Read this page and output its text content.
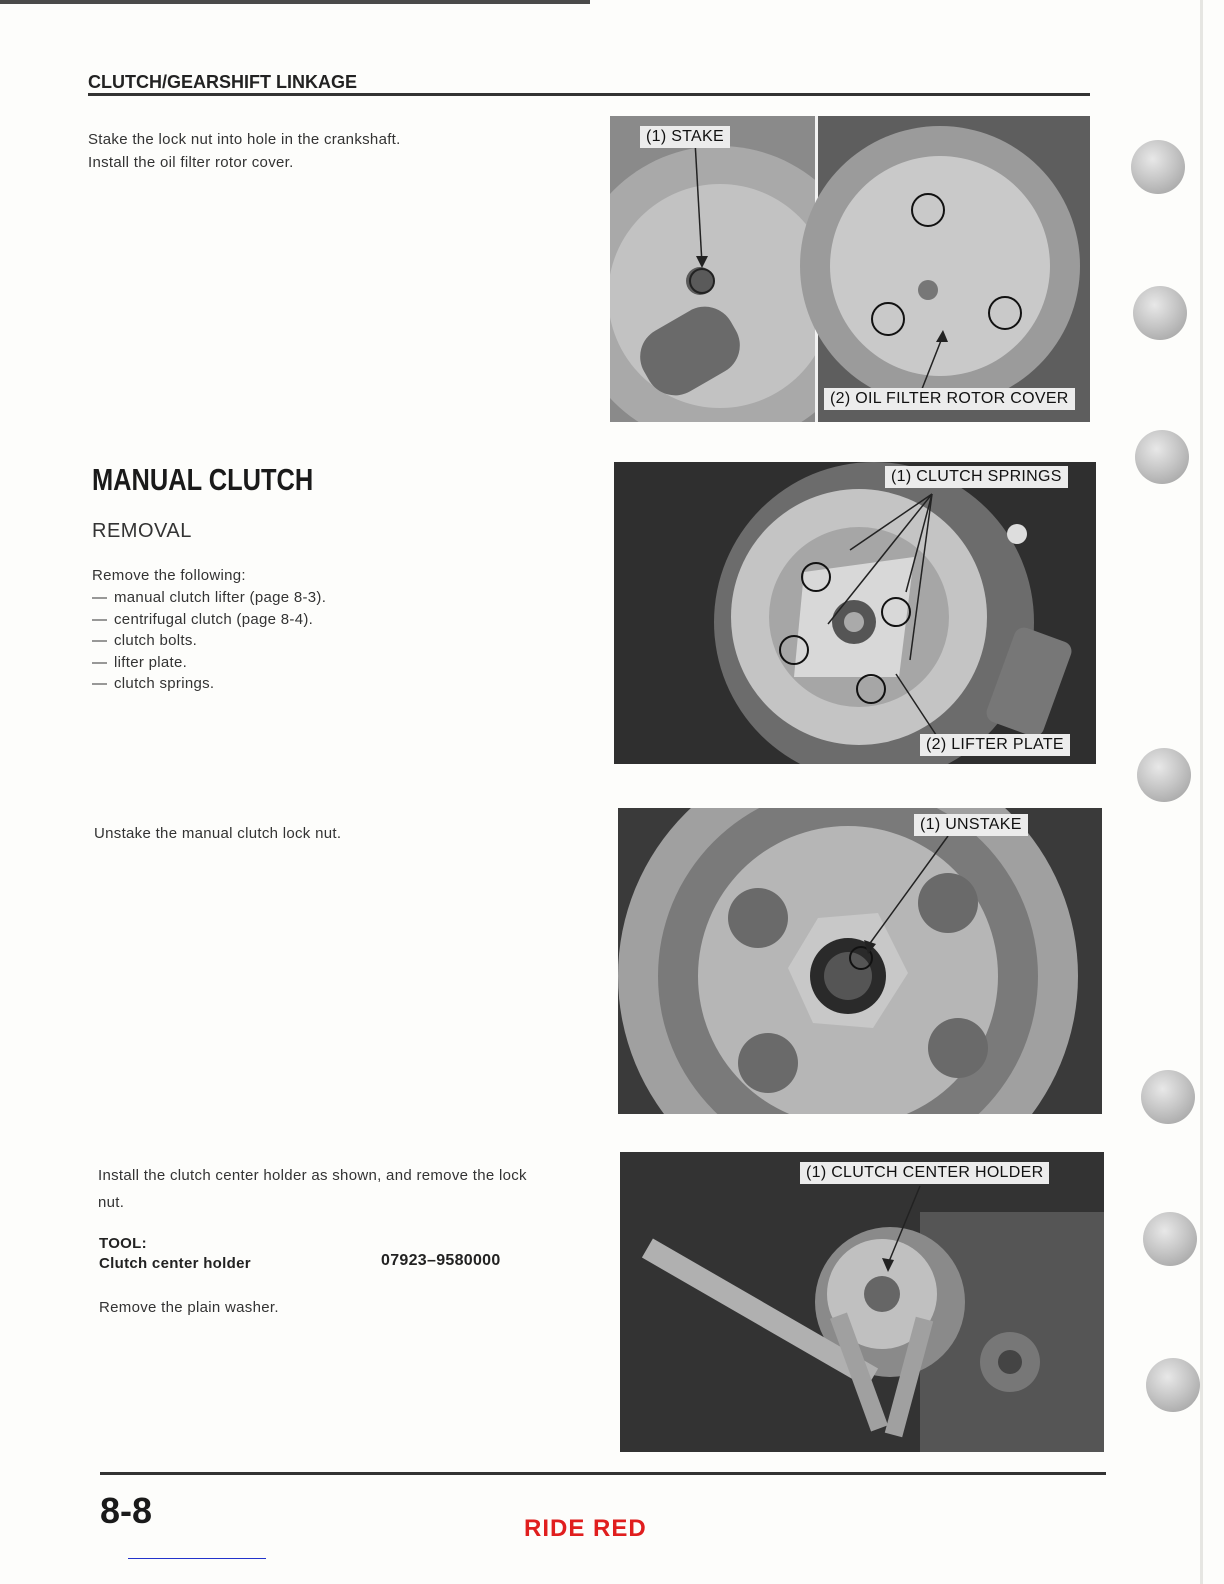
CLUTCH/GEARSHIFT LINKAGE
Stake the lock nut into hole in the crankshaft.
Install the oil filter rotor cover.
MANUAL CLUTCH
REMOVAL
Remove the following:
— manual clutch lifter (page 8-3).
— centrifugal clutch (page 8-4).
— clutch bolts.
— lifter plate.
— clutch springs.
Unstake the manual clutch lock nut.
Install the clutch center holder as shown, and remove the lock
nut.
TOOL:
Clutch center holder	07923–9580000
Remove the plain washer.
(1) STAKE
(2) OIL FILTER ROTOR COVER
(1) CLUTCH SPRINGS
(2) LIFTER PLATE
(1) UNSTAKE
(1) CLUTCH CENTER HOLDER
8-8	RIDE RED
